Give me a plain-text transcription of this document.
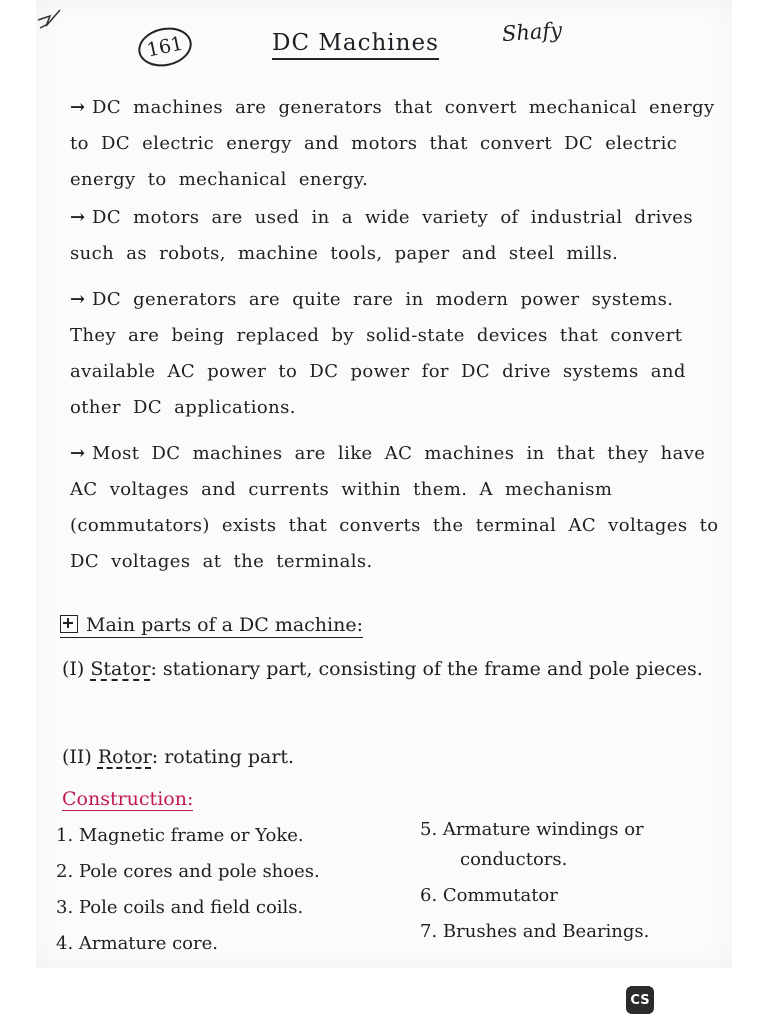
161	DC Machines	Shafy

→ DC machines are generators that convert mechanical energy to DC electric energy and motors that convert DC electric energy to mechanical energy.

→ DC motors are used in a wide variety of industrial drives such as robots, machine tools, paper and steel mills.

→ DC generators are quite rare in modern power systems. They are being replaced by solid-state devices that convert available AC power to DC power for DC drive systems and other DC applications.

→ Most DC machines are like AC machines in that they have AC voltages and currents within them. A mechanism (commutators) exists that converts the terminal AC voltages to DC voltages at the terminals.

Main parts of a DC machine:
(I) Stator: stationary part, consisting of the frame and pole pieces.
(II) Rotor: rotating part.
Construction:
1. Magnetic frame or Yoke.
2. Pole cores and pole shoes.
3. Pole coils and field coils.
4. Armature core.
5. Armature windings or
conductors.
6. Commutator
7. Brushes and Bearings.
CS
